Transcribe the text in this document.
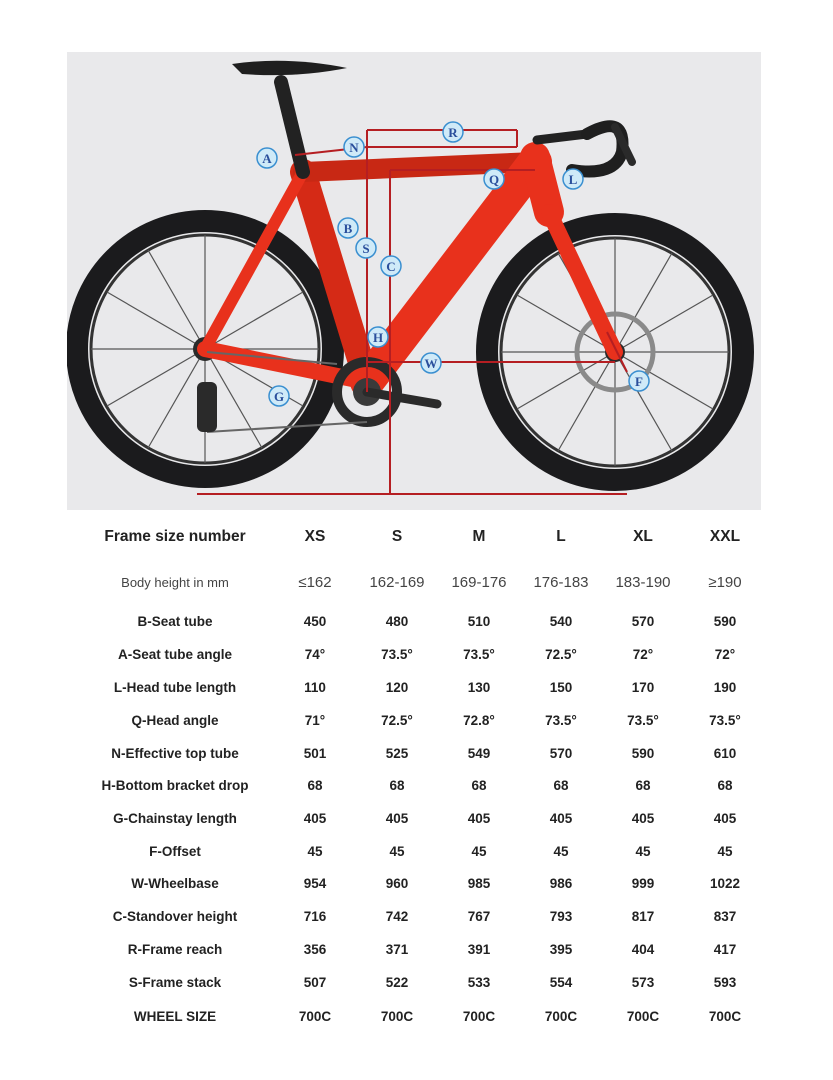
A
N
R
Q	L
B
S
C
H
W
G
F
Frame size number	XS	S	M	L	XL	XXL
Body height in mm	≤162	162-169	169-176	176-183	183-190	≥190
B-Seat tube	450	480	510	540	570	590
A-Seat tube angle	74°	73.5°	73.5°	72.5°	72°	72°
L-Head tube length	110	120	130	150	170	190
Q-Head angle	71°	72.5°	72.8°	73.5°	73.5°	73.5°
N-Effective top tube	501	525	549	570	590	610
H-Bottom bracket drop	68	68	68	68	68	68
G-Chainstay length	405	405	405	405	405	405
F-Offset	45	45	45	45	45	45
W-Wheelbase	954	960	985	986	999	1022
C-Standover height	716	742	767	793	817	837
R-Frame reach	356	371	391	395	404	417
S-Frame stack	507	522	533	554	573	593
WHEEL SIZE	700C	700C	700C	700C	700C	700C
